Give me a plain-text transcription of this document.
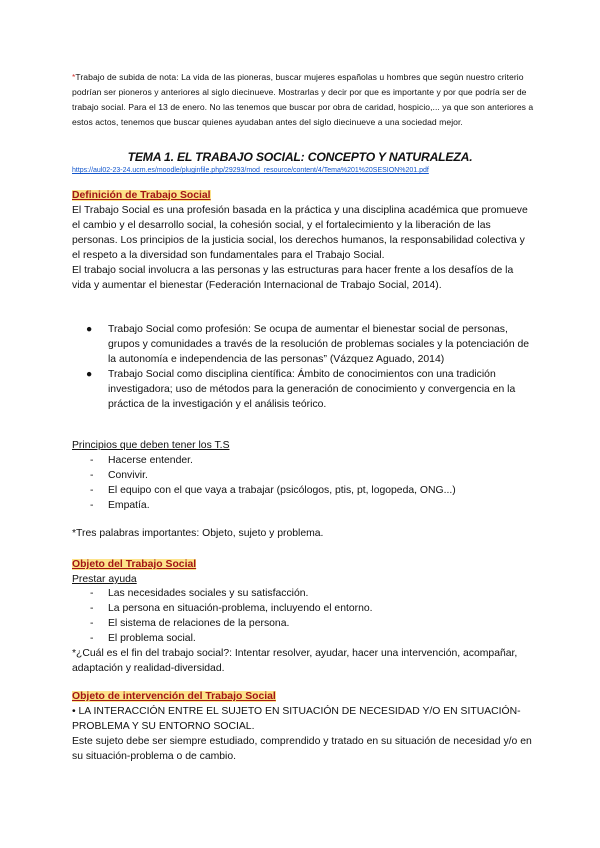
*Trabajo de subida de nota: La vida de las pioneras, buscar mujeres españolas u hombres que según nuestro criterio podrían ser pioneros y anteriores al siglo diecinueve. Mostrarlas y decir por que es importante y por que podría ser de trabajo social. Para el 13 de enero. No las tenemos que buscar por obra de caridad, hospicio,... ya que son anteriores a estos actos, tenemos que buscar quienes ayudaban antes del siglo diecinueve a una sociedad mejor.
TEMA 1. EL TRABAJO SOCIAL: CONCEPTO Y NATURALEZA.
https://aul02-23-24.ucm.es/moodle/pluginfile.php/29293/mod_resource/content/4/Tema%201%20SESION%201.pdf

Definición de Trabajo Social

El Trabajo Social es una profesión basada en la práctica y una disciplina académica que promueve el cambio y el desarrollo social, la cohesión social, y el fortalecimiento y la liberación de las personas. Los principios de la justicia social, los derechos humanos, la responsabilidad colectiva y el respeto a la diversidad son fundamentales para el Trabajo Social.

El trabajo social involucra a las personas y las estructuras para hacer frente a los desafíos de la vida y aumentar el bienestar (Federación Internacional de Trabajo Social, 2014).

● Trabajo Social como profesión: Se ocupa de aumentar el bienestar social de personas, grupos y comunidades a través de la resolución de problemas sociales y la potenciación de la autonomía e independencia de las personas” (Vázquez Aguado, 2014)
● Trabajo Social como disciplina científica: Ámbito de conocimientos con una tradición investigadora; uso de métodos para la generación de conocimiento y convergencia en la práctica de la investigación y el análisis teórico.

Principios que deben tener los T.S

- Hacerse entender.
- Convivir.
- El equipo con el que vaya a trabajar (psicólogos, ptis, pt, logopeda, ONG...)
- Empatía.

*Tres palabras importantes: Objeto, sujeto y problema.

Objeto del Trabajo Social

Prestar ayuda

- Las necesidades sociales y su satisfacción.
- La persona en situación-problema, incluyendo el entorno.
- El sistema de relaciones de la persona.
- El problema social.

*¿Cuál es el fin del trabajo social?: Intentar resolver, ayudar, hacer una intervención, acompañar, adaptación y realidad-diversidad.

Objeto de intervención del Trabajo Social

• LA INTERACCIÓN ENTRE EL SUJETO EN SITUACIÓN DE NECESIDAD Y/O EN SITUACIÓN-PROBLEMA Y SU ENTORNO SOCIAL.

Este sujeto debe ser siempre estudiado, comprendido y tratado en su situación de necesidad y/o en su situación-problema o de cambio.
